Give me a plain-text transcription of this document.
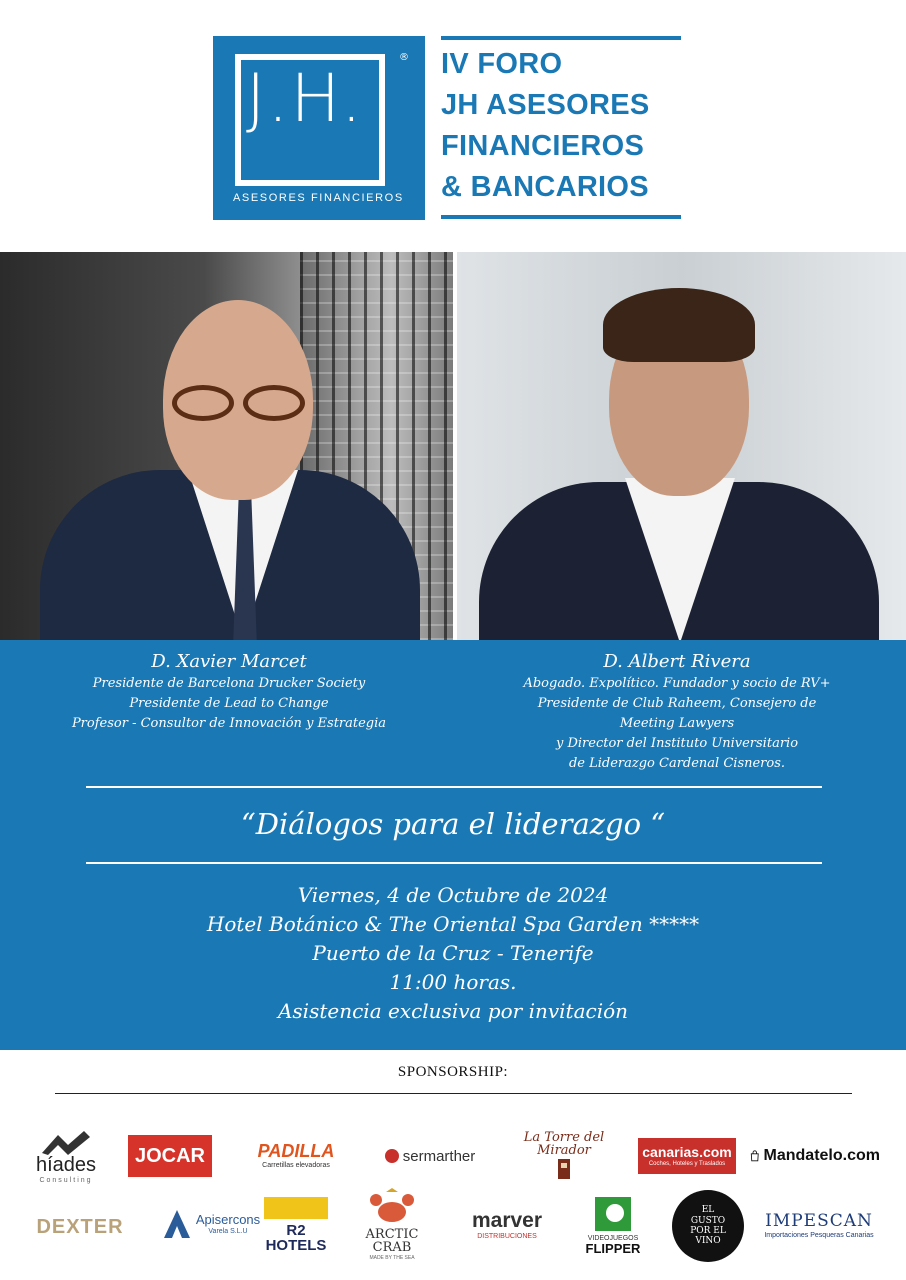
J.H.
®
ASESORES FINANCIEROS
IV FORO
JH ASESORES
FINANCIEROS
& BANCARIOS
D. Xavier Marcet
Presidente de Barcelona Drucker Society
Presidente de Lead to Change
Profesor - Consultor de Innovación y Estrategia
D. Albert Rivera
Abogado. Expolítico. Fundador y socio de RV+
Presidente de Club Raheem, Consejero de
Meeting Lawyers
y Director del Instituto Universitario
de Liderazgo Cardenal Cisneros.
“Diálogos para el liderazgo “
Viernes, 4 de Octubre de 2024
Hotel Botánico & The Oriental Spa Garden *****
Puerto de la Cruz - Tenerife
11:00 horas.
Asistencia exclusiva por invitación
SPONSORSHIP:
híades
Consulting
JOCAR	PADILLA
Carretillas elevadoras
sermarther
La Torre del Mirador	canarias.com
Coches, Hoteles y Traslados Mandatelo.com
DEXTER	Apisercons
Varela S.L.U	R2 HOTELS
ARCTIC CRAB
MADE BY THE SEA
marver
DISTRIBUCIONES	VIDEOJUEGOS
FLIPPER
EL GUSTO POR EL VINO
IMPESCAN
Importaciones Pesqueras Canarias
